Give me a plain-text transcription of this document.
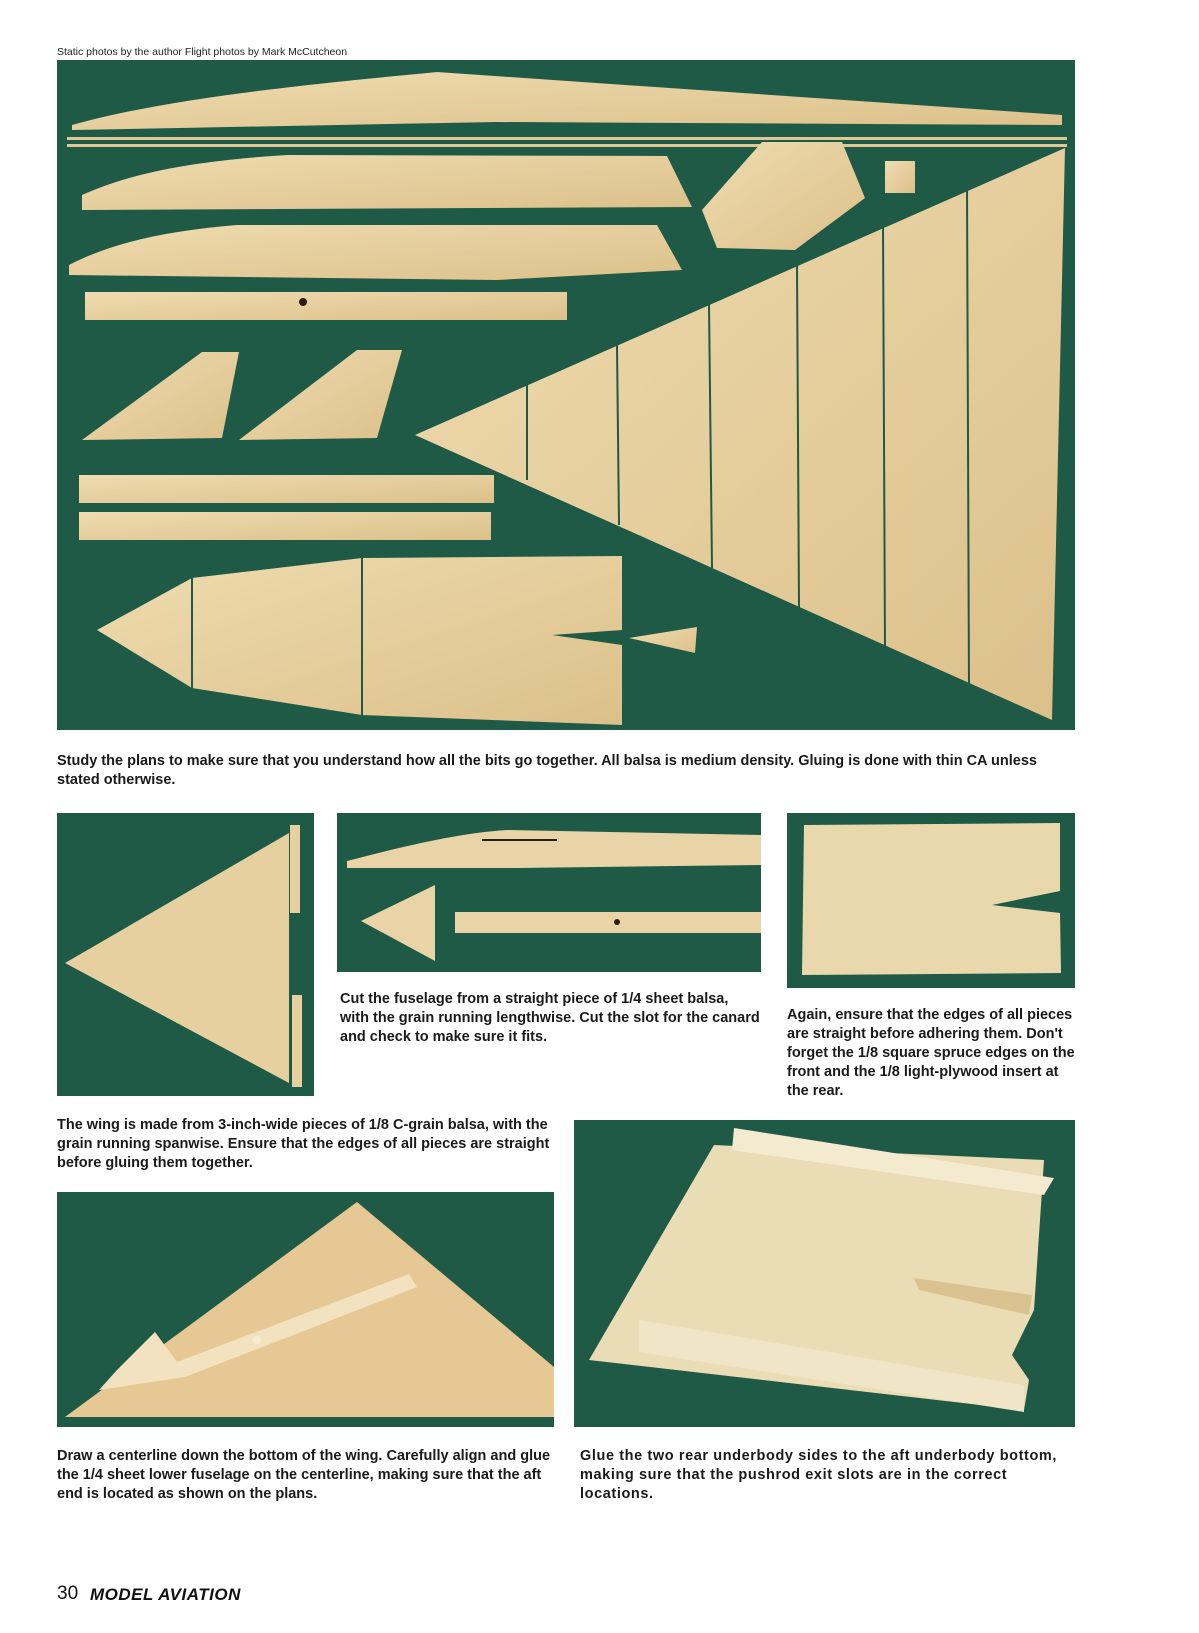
Static photos by the author Flight photos by Mark McCutcheon
Study the plans to make sure that you understand how all the bits go together. All balsa is medium density. Gluing is done with thin CA unless stated otherwise.
Cut the fuselage from a straight piece of 1/4 sheet balsa, with the grain running lengthwise. Cut the slot for the canard and check to make sure it fits.
Again, ensure that the edges of all pieces are straight before adhering them. Don't forget the 1/8 square spruce edges on the front and the 1/8 light-plywood insert at the rear.
The wing is made from 3-inch-wide pieces of 1/8 C-grain balsa, with the grain running spanwise. Ensure that the edges of all pieces are straight before gluing them together.
Draw a centerline down the bottom of the wing. Carefully align and glue the 1/4 sheet lower fuselage on the centerline, making sure that the aft end is located as shown on the plans.
Glue the two rear underbody sides to the aft underbody bottom, making sure that the pushrod exit slots are in the correct locations.
30 MODEL AVIATION
